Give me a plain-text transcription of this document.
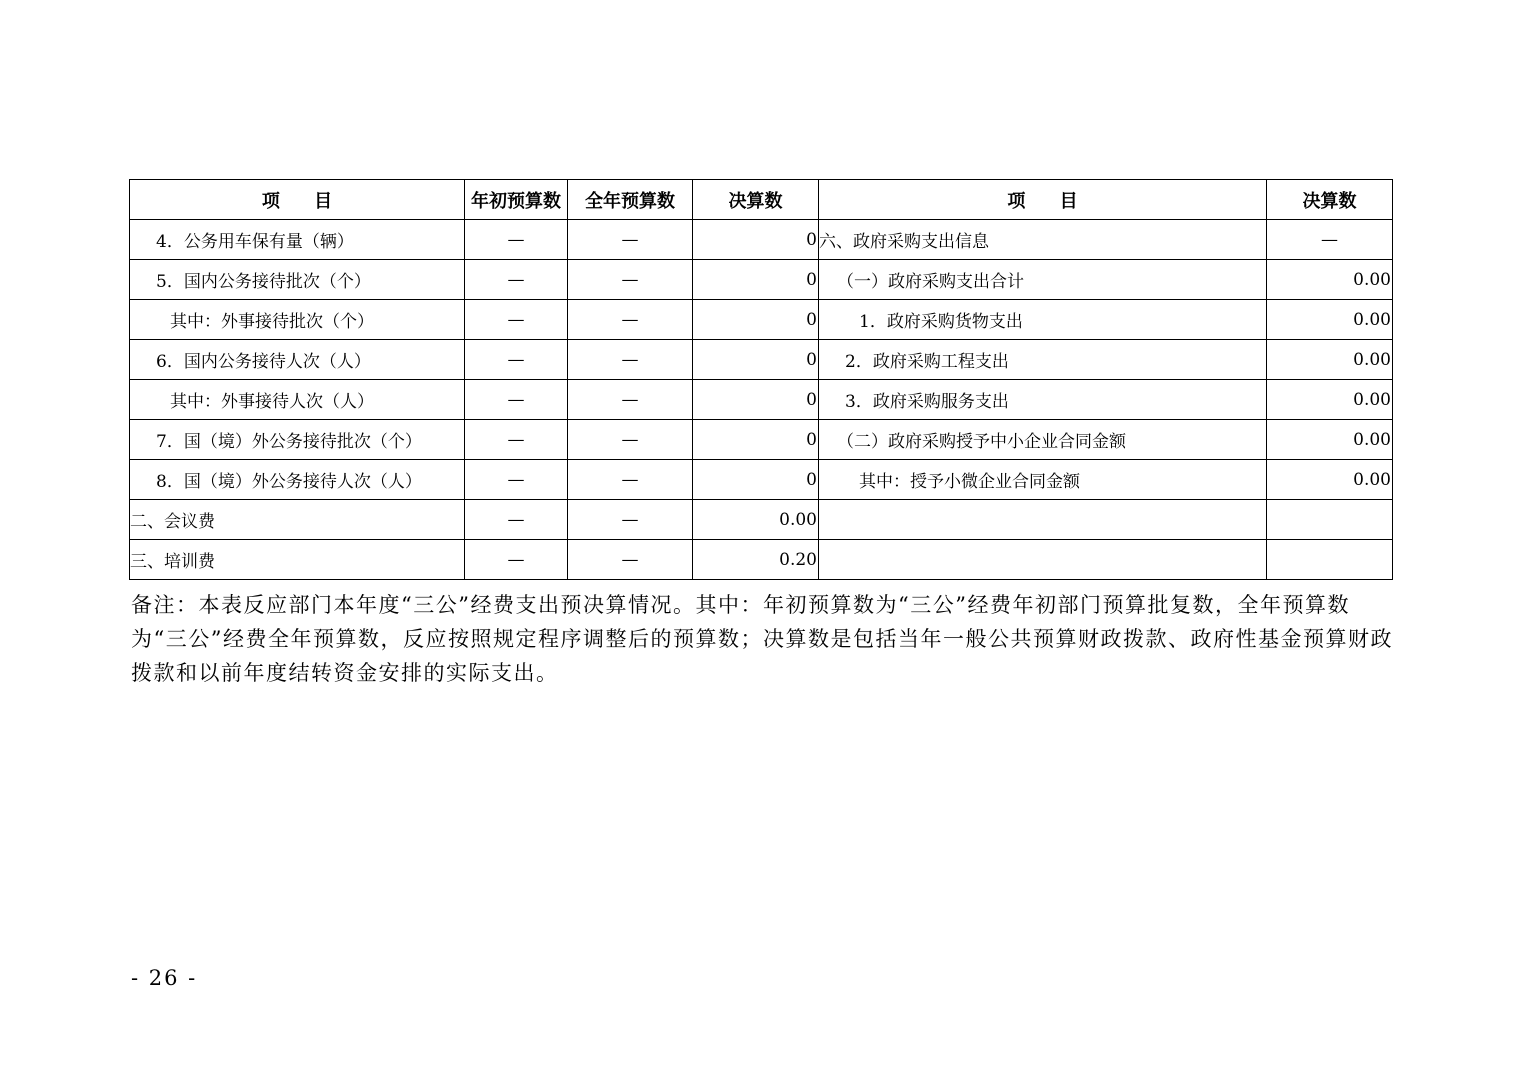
项 目	年初预算数	全年预算数	决算数	项 目	决算数
4．公务用车保有量（辆）	—	—	0	六、政府采购支出信息	—
5．国内公务接待批次（个）	—	—	0	（一）政府采购支出合计	0.00
其中：外事接待批次（个）	—	—	0	1．政府采购货物支出	0.00
6．国内公务接待人次（人）	—	—	0	2．政府采购工程支出	0.00
其中：外事接待人次（人）	—	—	0	3．政府采购服务支出	0.00
7．国（境）外公务接待批次（个）	—	—	0	（二）政府采购授予中小企业合同金额	0.00
8．国（境）外公务接待人次（人）	—	—	0	其中：授予小微企业合同金额	0.00
二、会议费	—	—	0.00		
三、培训费	—	—	0.20		

备注：本表反应部门本年度“三公”经费支出预决算情况。其中：年初预算数为“三公”经费年初部门预算批复数，全年预算数为“三公”经费全年预算数，反应按照规定程序调整后的预算数；决算数是包括当年一般公共预算财政拨款、政府性基金预算财政拨款和以前年度结转资金安排的实际支出。

- 26 -
